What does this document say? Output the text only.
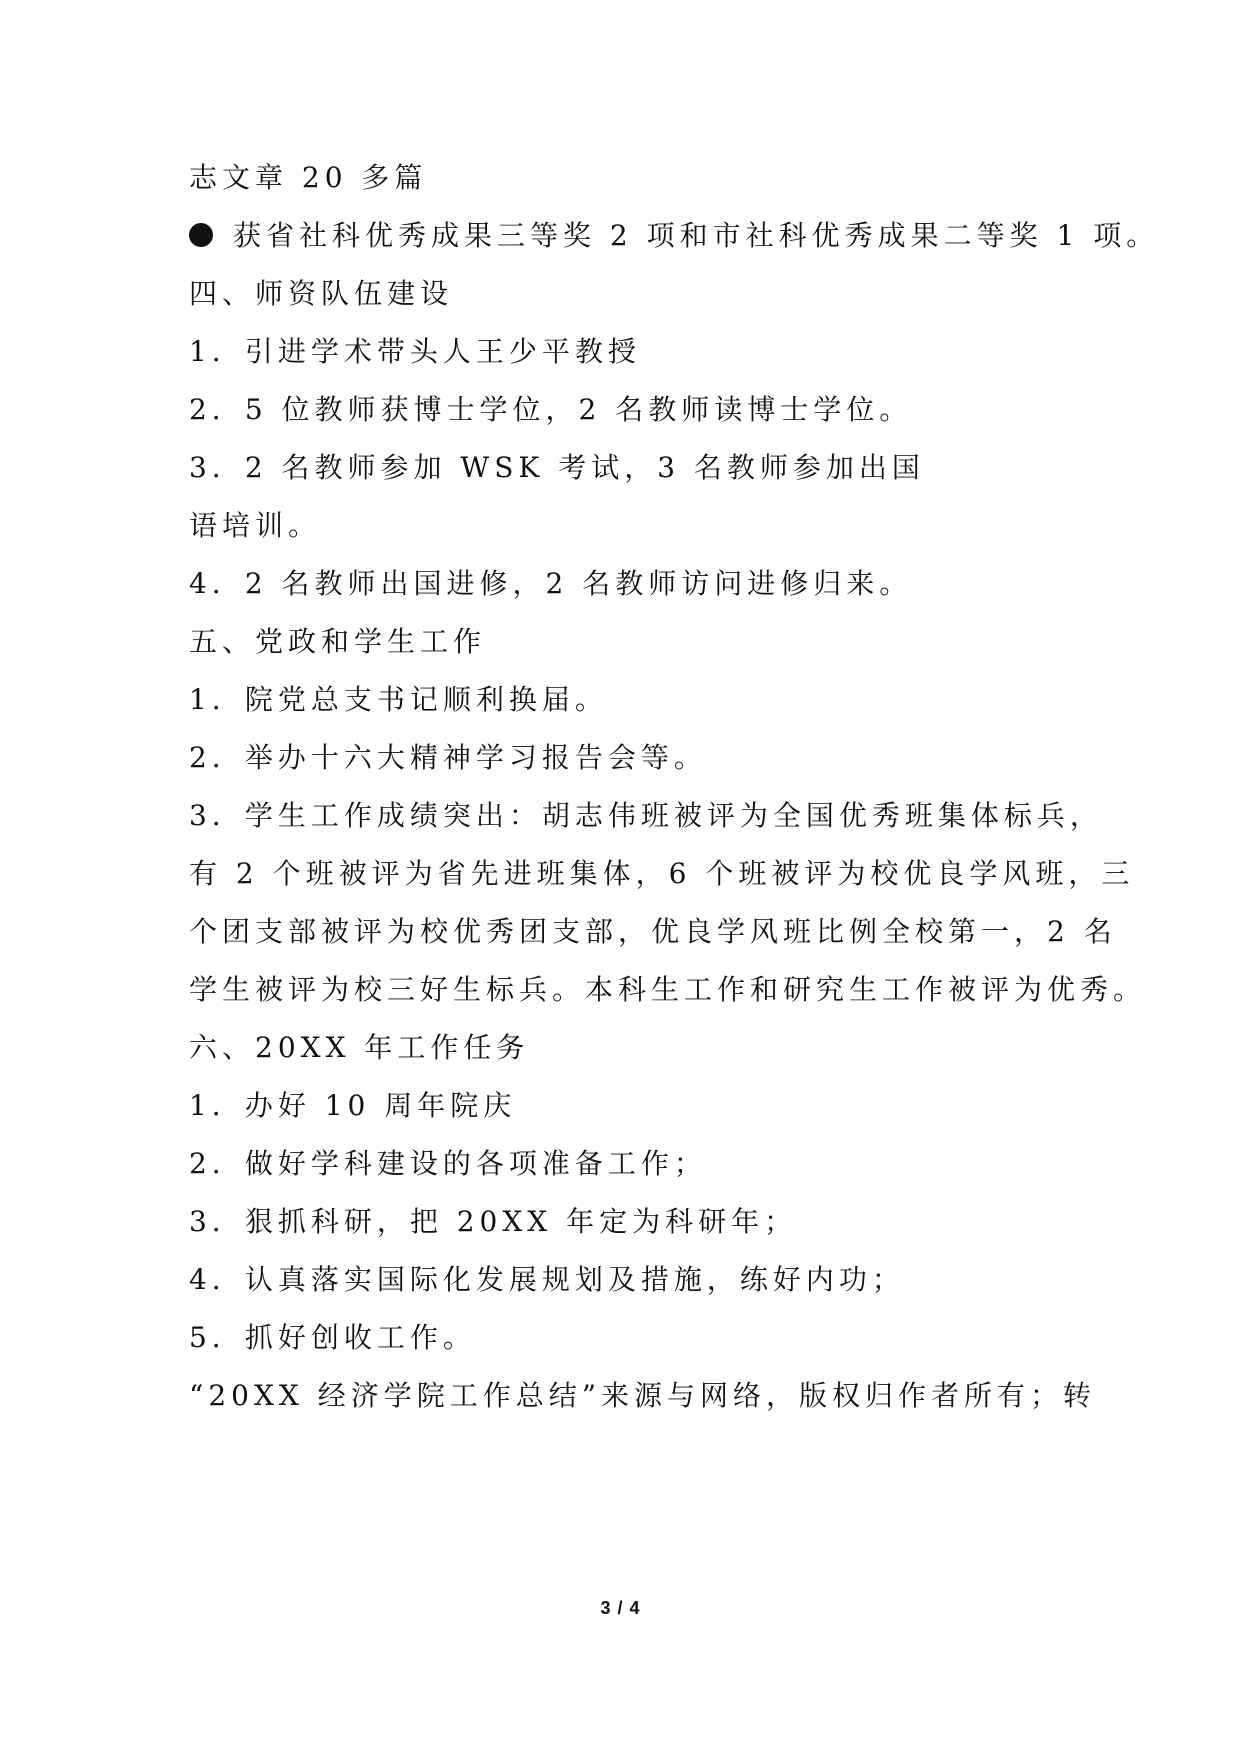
志文章 20 多篇
获省社科优秀成果三等奖 2 项和市社科优秀成果二等奖 1 项。
四、师资队伍建设
1．引进学术带头人王少平教授
2．5 位教师获博士学位，2 名教师读博士学位。
3．2 名教师参加 WSK 考试，3 名教师参加出国
语培训。
4．2 名教师出国进修，2 名教师访问进修归来。
五、党政和学生工作
1．院党总支书记顺利换届。
2．举办十六大精神学习报告会等。
3．学生工作成绩突出：胡志伟班被评为全国优秀班集体标兵，
有 2 个班被评为省先进班集体，6 个班被评为校优良学风班，三
个团支部被评为校优秀团支部，优良学风班比例全校第一，2 名
学生被评为校三好生标兵。本科生工作和研究生工作被评为优秀。
六、20XX 年工作任务
1．办好 10 周年院庆
2．做好学科建设的各项准备工作；
3．狠抓科研，把 20XX 年定为科研年；
4．认真落实国际化发展规划及措施，练好内功；
5．抓好创收工作。
“20XX 经济学院工作总结”来源与网络，版权归作者所有；转
3 / 4
